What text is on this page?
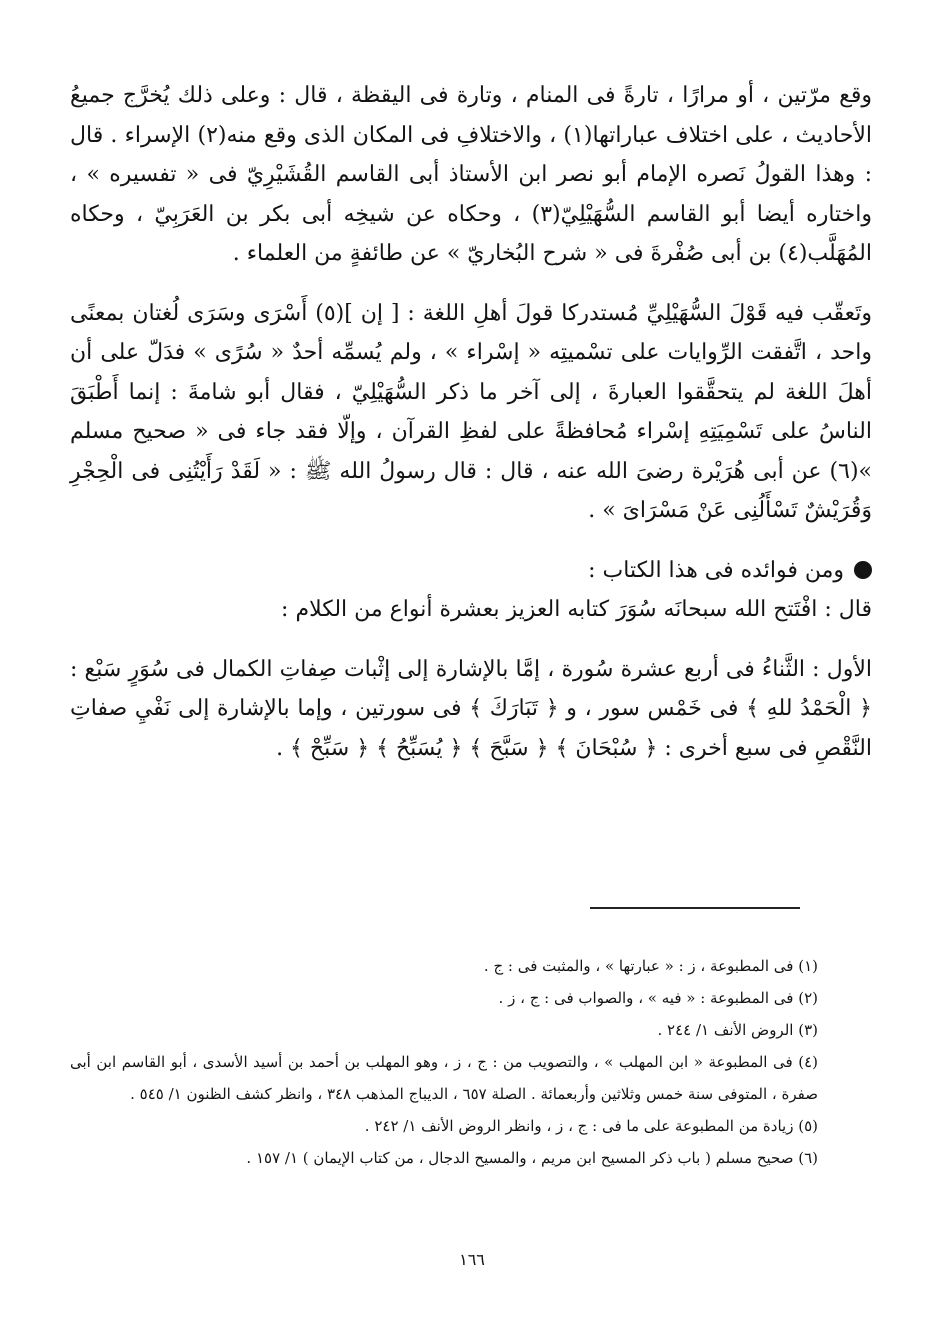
وقع مرّتين ، أو مرارًا ، تارةً فى المنام ، وتارة فى اليقظة ، قال : وعلى ذلك يُخرَّج جميعُ الأحاديث ، على اختلاف عباراتها(١) ، والاختلافِ فى المكان الذى وقع منه(٢) الإسراء . قال : وهذا القولُ نَصره الإمام أبو نصر ابن الأستاذ أبى القاسم القُشَيْرِيّ فى « تفسيره » ، واختاره أيضا أبو القاسم السُّهَيْلِيّ(٣) ، وحكاه عن شيخِه أبى بكر بن العَرَبِيّ ، وحكاه المُهَلَّب(٤) بن أبى صُفْرةَ فى « شرح البُخاريّ » عن طائفةٍ من العلماء .

وتَعقّب فيه قَوْلَ السُّهَيْلِيِّ مُستدركا قولَ أهلِ اللغة : [ إن ](٥) أَسْرَى وسَرَى لُغتان بمعنًى واحد ، اتَّفقت الرِّوايات على تسْميتِه « إسْراء » ، ولم يُسمِّه أحدٌ « سُرًى » فدَلّ على أن أهلَ اللغة لم يتحقَّقوا العبارةَ ، إلى آخر ما ذكر السُّهَيْلِيّ ، فقال أبو شامةَ : إنما أَطْبَقَ الناسُ على تَسْمِيَتِهِ إسْراء مُحافظةً على لفظِ القرآن ، وإلّا فقد جاء فى « صحيح مسلم »(٦) عن أبى هُرَيْرة رضىَ الله عنه ، قال : قال رسولُ الله ﷺ : « لَقَدْ رَأَيْتُنِى فى الْحِجْرِ وَقُرَيْشٌ تَسْأَلُنِى عَنْ مَسْرَاىَ » .

ومن فوائده فى هذا الكتاب :

قال : افْتَتح الله سبحانَه سُوَرَ كتابه العزيز بعشرة أنواع من الكلام :

الأول : الثَّناءُ فى أربع عشرة سُورة ، إمَّا بالإشارة إلى إثْبات صِفاتِ الكمال فى سُوَرٍ سَبْع : ﴿ الْحَمْدُ للهِ ﴾ فى خَمْس سور ، و ﴿ تَبَارَكَ ﴾ فى سورتين ، وإما بالإشارة إلى نَفْيِ صفاتِ النَّقْصِ فى سبع أخرى : ﴿ سُبْحَانَ ﴾ ﴿ سَبَّحَ ﴾ ﴿ يُسَبِّحُ ﴾ ﴿ سَبِّحْ ﴾ .

(١) فى المطبوعة ، ز : « عبارتها » ، والمثبت فى : ج .

(٢) فى المطبوعة : « فيه » ، والصواب فى : ج ، ز .

(٣) الروض الأنف ١/ ٢٤٤ .

(٤) فى المطبوعة « ابن المهلب » ، والتصويب من : ج ، ز ، وهو المهلب بن أحمد بن أسيد الأسدى ، أبو القاسم ابن أبى صفرة ، المتوفى سنة خمس وثلاثين وأربعمائة . الصلة ٦٥٧ ، الديباج المذهب ٣٤٨ ، وانظر كشف الظنون ١/ ٥٤٥ .

(٥) زيادة من المطبوعة على ما فى : ج ، ز ، وانظر الروض الأنف ١/ ٢٤٢ .

(٦) صحيح مسلم ( باب ذكر المسيح ابن مريم ، والمسيح الدجال ، من كتاب الإيمان ) ١/ ١٥٧ .

١٦٦
